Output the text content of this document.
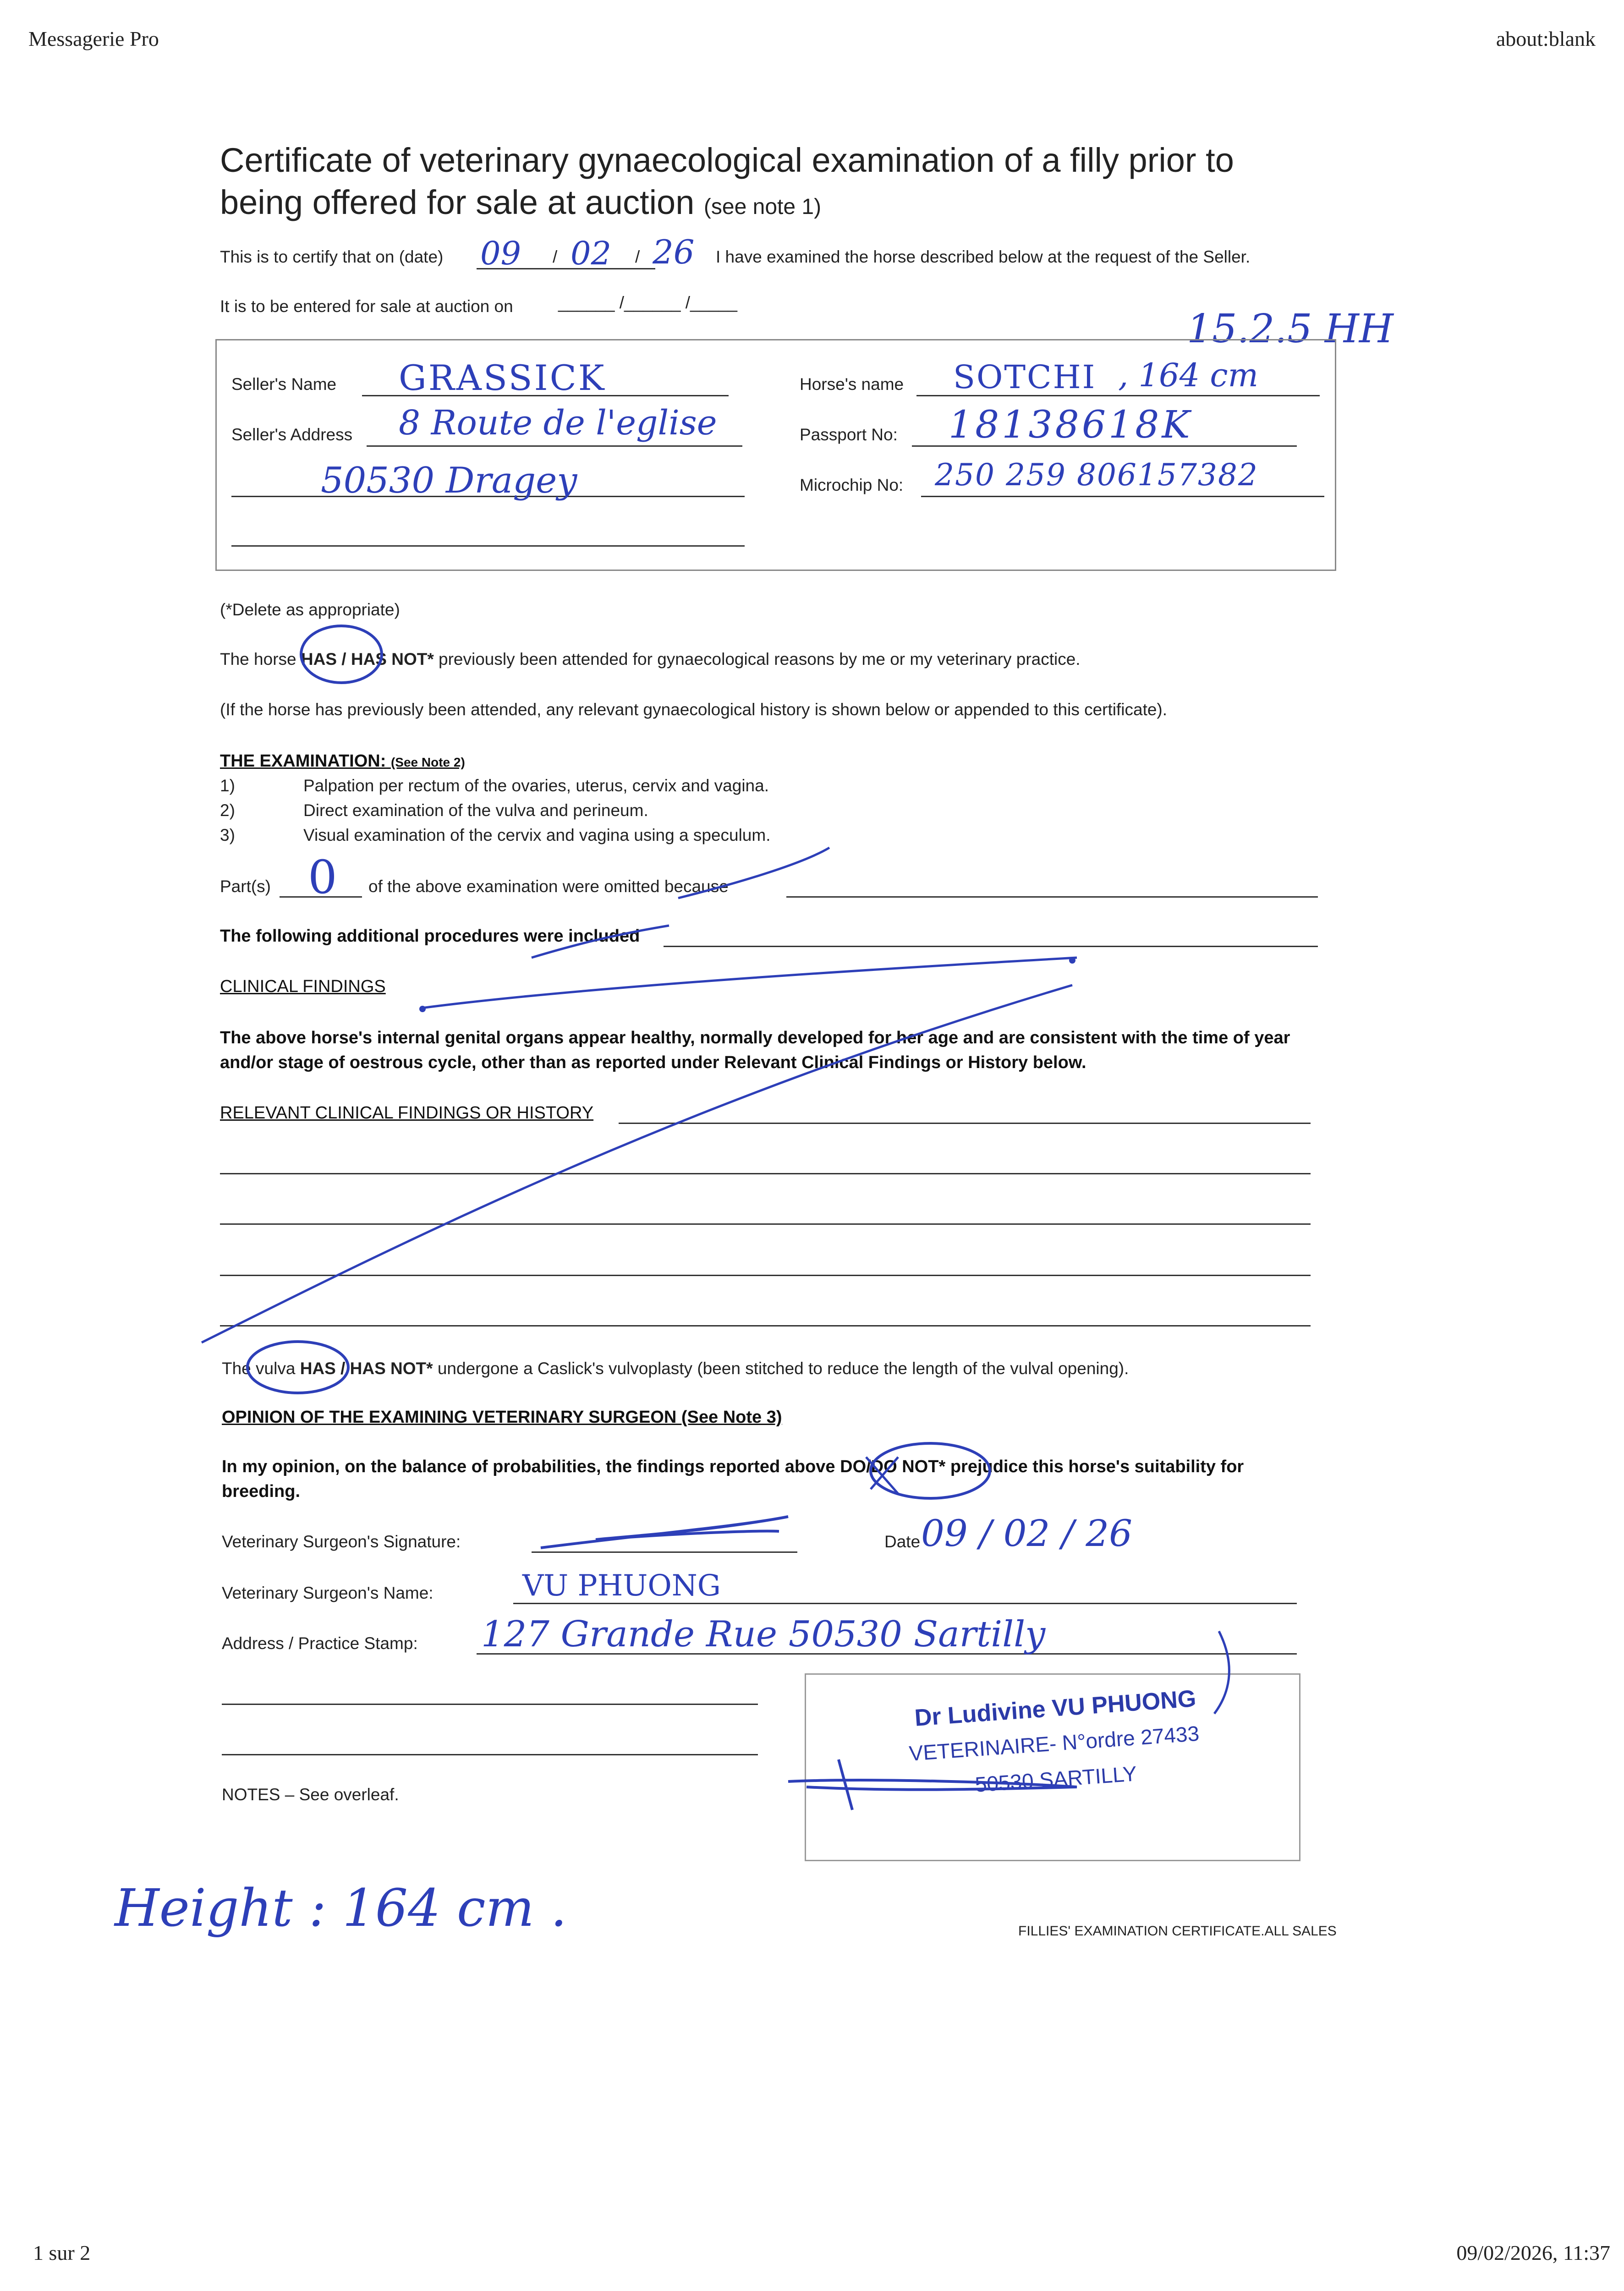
Messagerie Pro	about:blank
1 sur 2	09/02/2026, 11:37
Certificate of veterinary gynaecological examination of a filly prior to
being offered for sale at auction (see note 1)
This is to certify that on (date) 09 / 02 / 26 I have examined the horse described below at the request of the Seller.
It is to be entered for sale at auction on	______ /______ /_____
15.2.5 HH
Seller's Name GRASSICK
Seller's Address 8 Route de l'eglise
50530 Dragey
Horse's name SOTCHI , 164 cm
Passport No: 18138618K
Microchip No: 250 259 806157382
(*Delete as appropriate)
The horse HAS / HAS NOT* previously been attended for gynaecological reasons by me or my veterinary practice.
(If the horse has previously been attended, any relevant gynaecological history is shown below or appended to this certificate).
THE EXAMINATION: (See Note 2)
1)	Palpation per rectum of the ovaries, uterus, cervix and vagina.
2)	Direct examination of the vulva and perineum.
3)	Visual examination of the cervix and vagina using a speculum.
Part(s) 0 of the above examination were omitted because
The following additional procedures were included
CLINICAL FINDINGS
The above horse's internal genital organs appear healthy, normally developed for her age and are consistent with the time of year
and/or stage of oestrous cycle, other than as reported under Relevant Clinical Findings or History below.
RELEVANT CLINICAL FINDINGS OR HISTORY
The vulva HAS / HAS NOT* undergone a Caslick's vulvoplasty (been stitched to reduce the length of the vulval opening).
OPINION OF THE EXAMINING VETERINARY SURGEON (See Note 3)
In my opinion, on the balance of probabilities, the findings reported above DO/DO NOT* prejudice this horse's suitability for
breeding.
Veterinary Surgeon's Signature:	Date 09 / 02 / 26
Veterinary Surgeon's Name:	VU PHUONG
Address / Practice Stamp: 127 Grande Rue 50530 Sartilly
Dr Ludivine VU PHUONG
VETERINAIRE- N°ordre 27433
50530 SARTILLY
NOTES – See overleaf.
Height : 164 cm .	FILLIES' EXAMINATION CERTIFICATE.ALL SALES
